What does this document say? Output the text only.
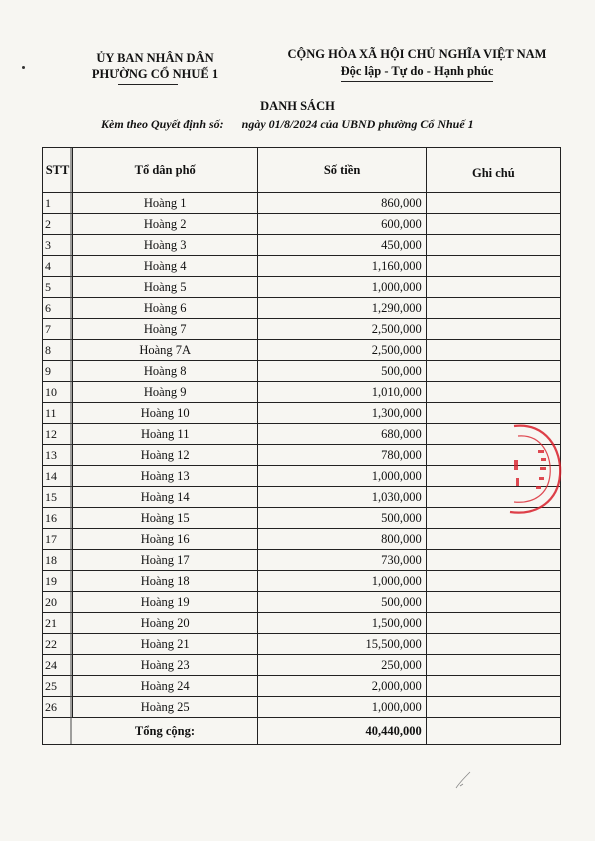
ỦY BAN NHÂN DÂN
PHƯỜNG CỔ NHUẾ 1
CỘNG HÒA XÃ HỘI CHỦ NGHĨA VIỆT NAM
Độc lập - Tự do - Hạnh phúc
DANH SÁCH
Kèm theo Quyết định số:      ngày 01/8/2024 của UBND phường Cổ Nhuế 1
STT	Tổ dân phố	Số tiền	Ghi chú
1	Hoàng 1	860,000	
2	Hoàng 2	600,000	
3	Hoàng 3	450,000	
4	Hoàng 4	1,160,000	
5	Hoàng 5	1,000,000	
6	Hoàng 6	1,290,000	
7	Hoàng 7	2,500,000	
8	Hoàng 7A	2,500,000	
9	Hoàng 8	500,000	
10	Hoàng 9	1,010,000	
11	Hoàng 10	1,300,000	
12	Hoàng 11	680,000	
13	Hoàng 12	780,000	
14	Hoàng 13	1,000,000	
15	Hoàng 14	1,030,000	
16	Hoàng 15	500,000	
17	Hoàng 16	800,000	
18	Hoàng 17	730,000	
19	Hoàng 18	1,000,000	
20	Hoàng 19	500,000	
21	Hoàng 20	1,500,000	
22	Hoàng 21	15,500,000	
24	Hoàng 23	250,000	
25	Hoàng 24	2,000,000	
26	Hoàng 25	1,000,000	
	Tổng cộng:	40,440,000	
